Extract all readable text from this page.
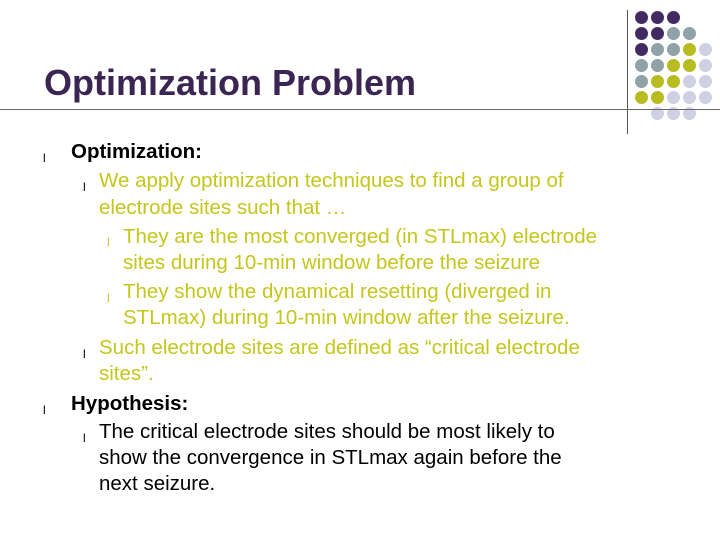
Optimization Problem
l Optimization:
l We apply optimization techniques to find a group of
electrode sites such that …
l They are the most converged (in STLmax) electrode
sites during 10-min window before the seizure
l They show the dynamical resetting (diverged in
STLmax) during 10-min window after the seizure.
l Such electrode sites are defined as “critical electrode
sites”.
l Hypothesis:
l The critical electrode sites should be most likely to
show the convergence in STLmax again before the
next seizure.
